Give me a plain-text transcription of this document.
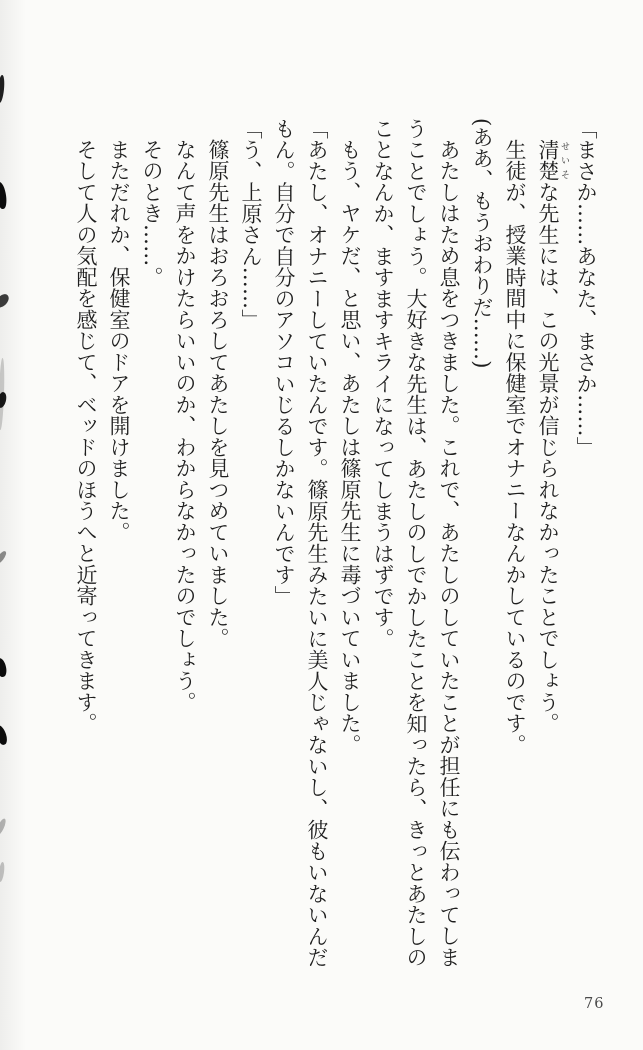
「まさか……あなた、まさか……」

清楚 せいそな先生には、この光景が信じられなかったことでしょう。

生徒が、授業時間中に保健室でオナニーなんかしているのです。

(ああ、もうおわりだ……)

あたしはため息をつきました。これで、あたしのしていたことが担任にも伝わってしま

うことでしょう。大好きな先生は、あたしのしでかしたことを知ったら、きっとあたしの

ことなんか、ますますキライになってしまうはずです。

もう、ヤケだ、と思い、あたしは篠原先生に毒づいていました。

「あたし、オナニーしていたんです。篠原先生みたいに美人じゃないし、彼もいないんだ

もん。自分で自分のアソコいじるしかないんです」

「う、上原さん……」

篠原先生はおろおろしてあたしを見つめていました。

なんて声をかけたらいいのか、わからなかったのでしょう。

そのとき……。

まただれか、保健室のドアを開けました。

そして人の気配を感じて、ベッドのほうへと近寄ってきます。

76
